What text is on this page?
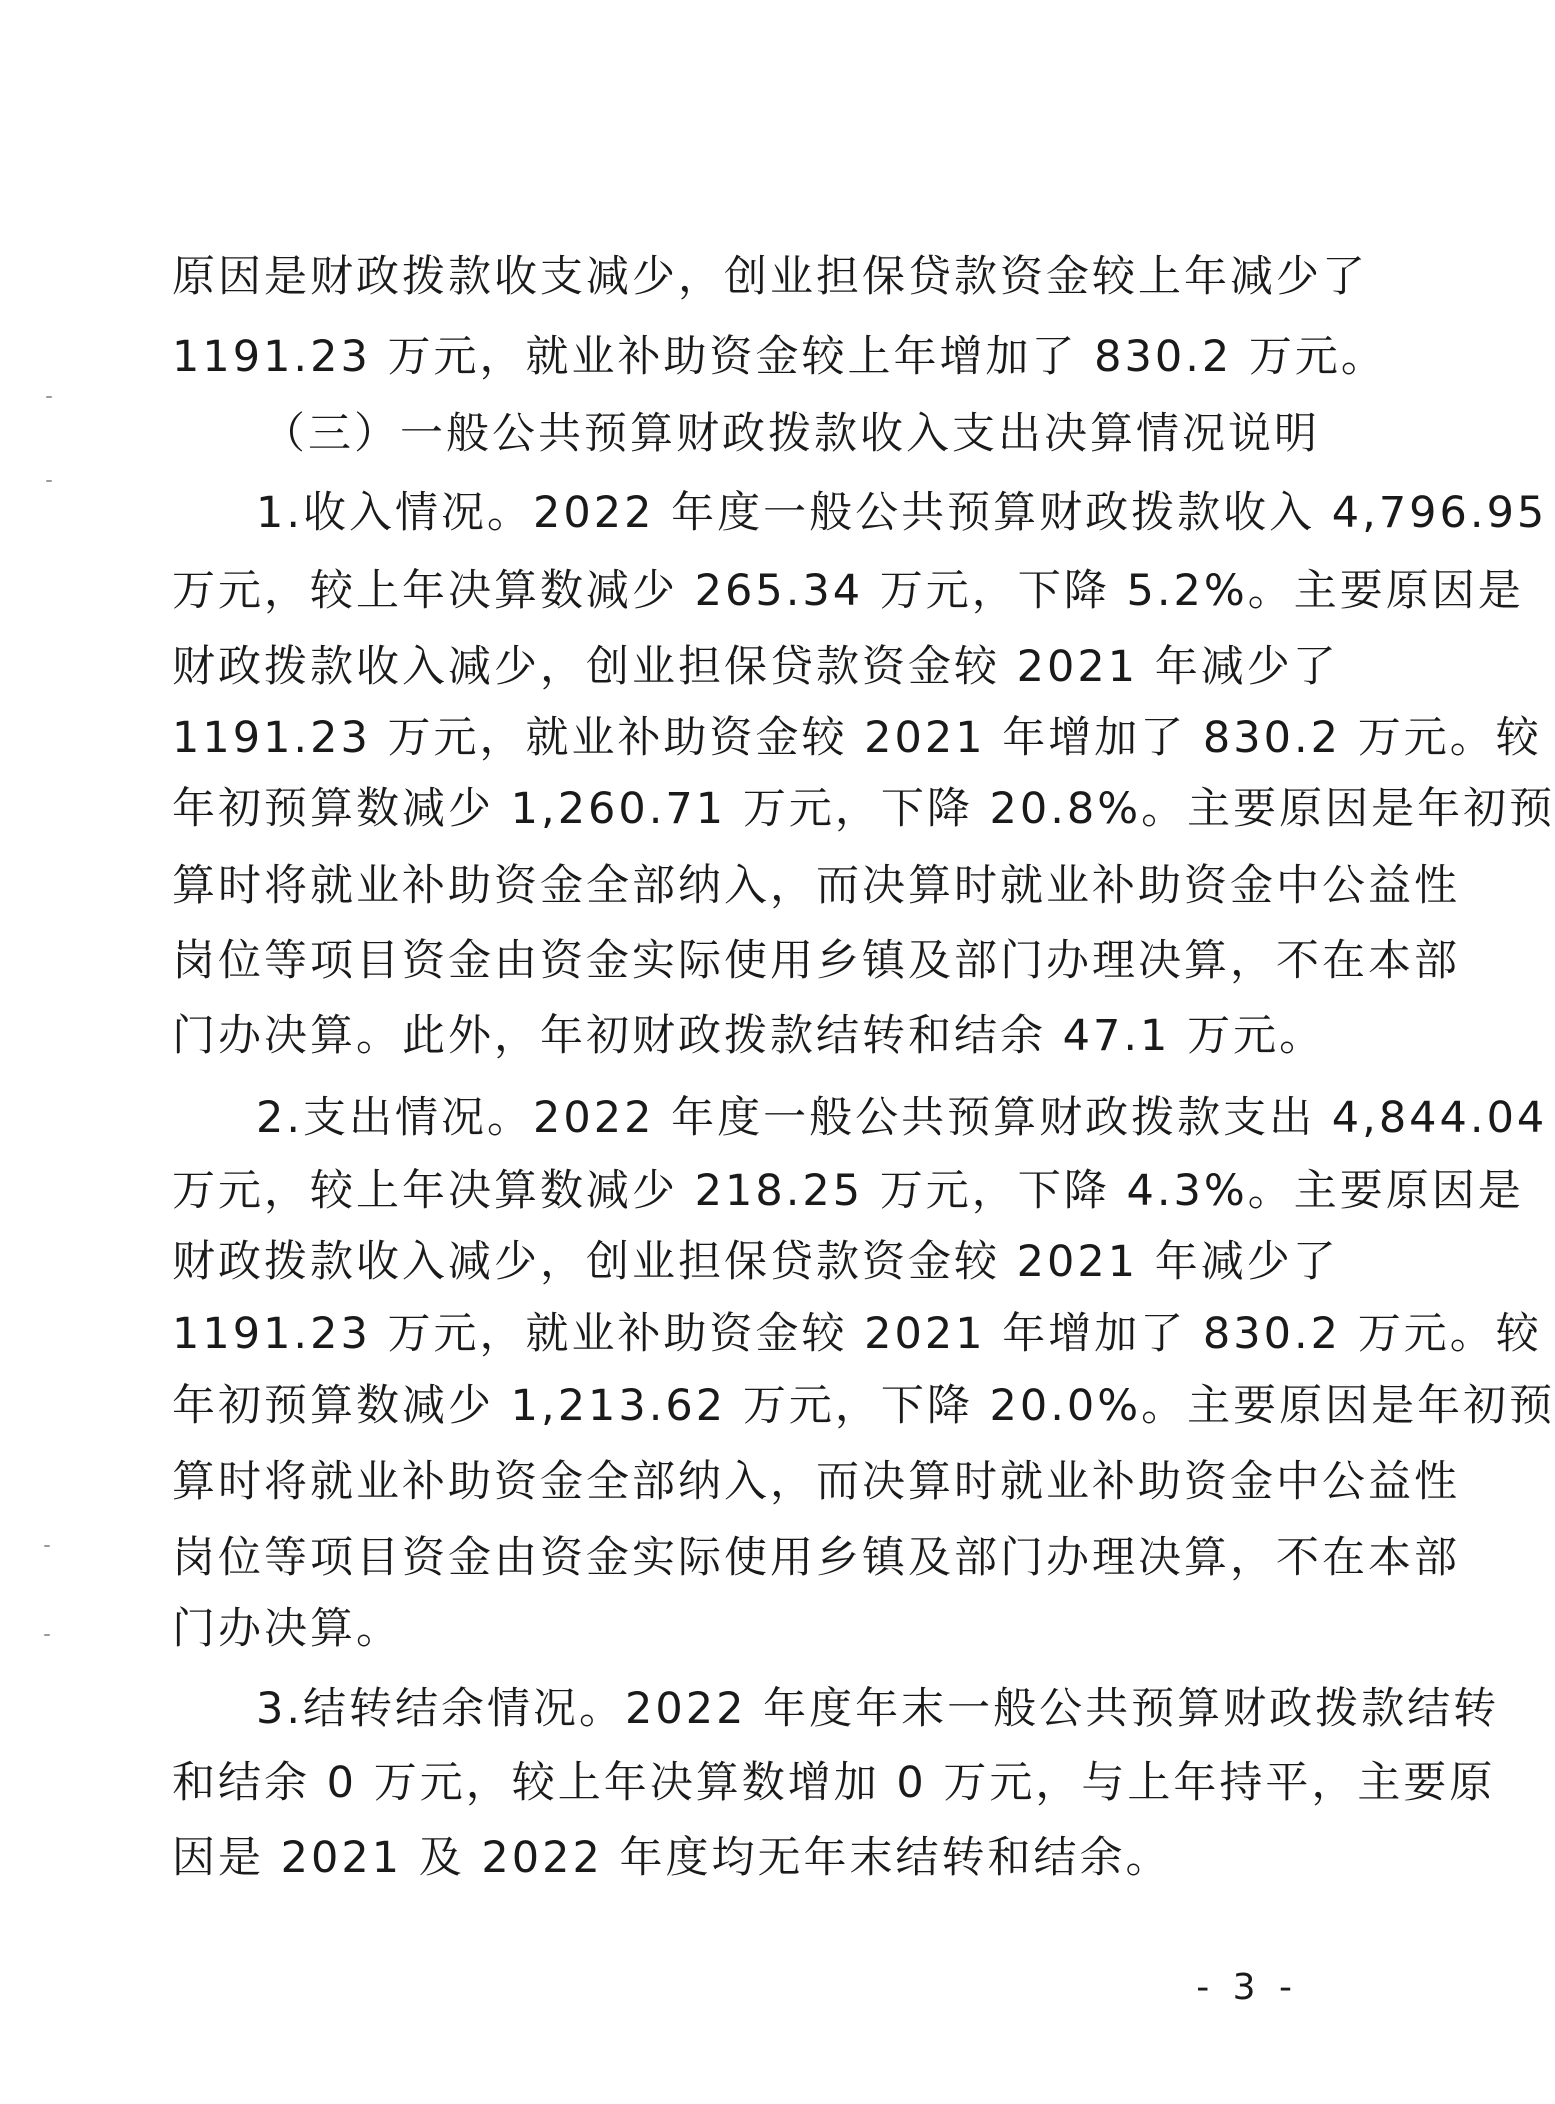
原因是财政拨款收支减少，创业担保贷款资金较上年减少了
1191.23 万元，就业补助资金较上年增加了 830.2 万元。
（三）一般公共预算财政拨款收入支出决算情况说明
1.收入情况。2022 年度一般公共预算财政拨款收入 4,796.95
万元，较上年决算数减少 265.34 万元，下降 5.2%。主要原因是
财政拨款收入减少，创业担保贷款资金较 2021 年减少了
1191.23 万元，就业补助资金较 2021 年增加了 830.2 万元。较
年初预算数减少 1,260.71 万元，下降 20.8%。主要原因是年初预
算时将就业补助资金全部纳入，而决算时就业补助资金中公益性
岗位等项目资金由资金实际使用乡镇及部门办理决算，不在本部
门办决算。此外，年初财政拨款结转和结余 47.1 万元。
2.支出情况。2022 年度一般公共预算财政拨款支出 4,844.04
万元，较上年决算数减少 218.25 万元，下降 4.3%。主要原因是
财政拨款收入减少，创业担保贷款资金较 2021 年减少了
1191.23 万元，就业补助资金较 2021 年增加了 830.2 万元。较
年初预算数减少 1,213.62 万元，下降 20.0%。主要原因是年初预
算时将就业补助资金全部纳入，而决算时就业补助资金中公益性
岗位等项目资金由资金实际使用乡镇及部门办理决算，不在本部
门办决算。
3.结转结余情况。2022 年度年末一般公共预算财政拨款结转
和结余 0 万元，较上年决算数增加 0 万元，与上年持平，主要原
因是 2021 及 2022 年度均无年末结转和结余。
- 3 -
